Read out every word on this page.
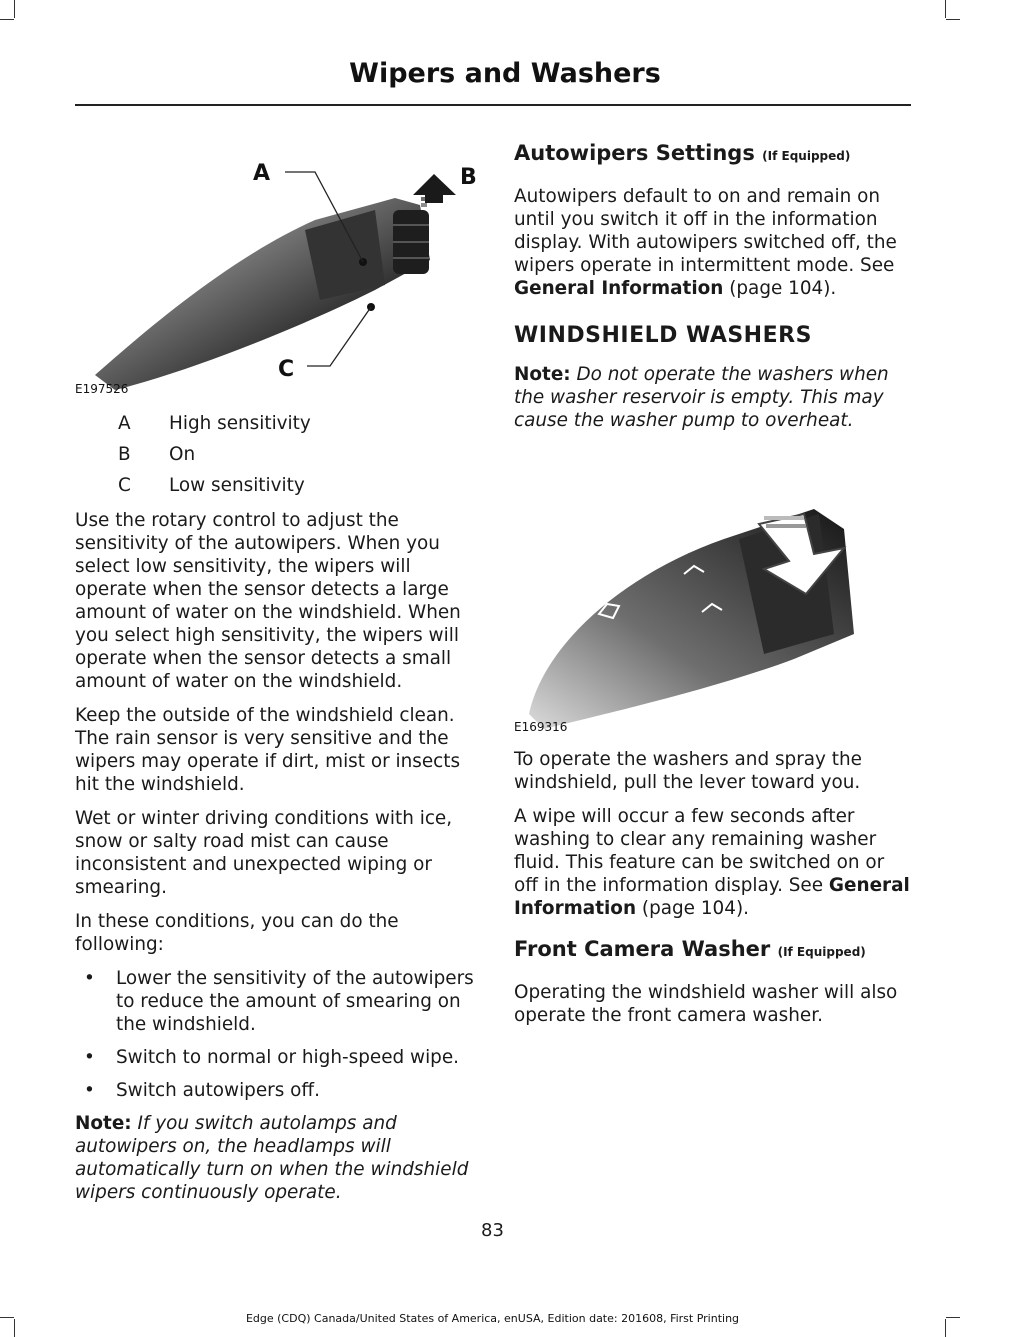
Wipers and Washers
A	B
C
E197526
A	High sensitivity
B	On
C	Low sensitivity

Use the rotary control to adjust the sensitivity of the autowipers. When you select low sensitivity, the wipers will operate when the sensor detects a large amount of water on the windshield. When you select high sensitivity, the wipers will operate when the sensor detects a small amount of water on the windshield.

Keep the outside of the windshield clean. The rain sensor is very sensitive and the wipers may operate if dirt, mist or insects hit the windshield.

Wet or winter driving conditions with ice, snow or salty road mist can cause inconsistent and unexpected wiping or smearing.

In these conditions, you can do the following:

• Lower the sensitivity of the autowipers to reduce the amount of smearing on the windshield.
• Switch to normal or high-speed wipe.
• Switch autowipers off.

Note: If you switch autolamps and autowipers on, the headlamps will automatically turn on when the windshield wipers continuously operate.

Autowipers Settings (If Equipped)

Autowipers default to on and remain on until you switch it off in the information display. With autowipers switched off, the wipers operate in intermittent mode. See General Information (page 104).

WINDSHIELD WASHERS

Note: Do not operate the washers when the washer reservoir is empty. This may cause the washer pump to overheat.

E169316

To operate the washers and spray the windshield, pull the lever toward you.

A wipe will occur a few seconds after washing to clear any remaining washer fluid. This feature can be switched on or off in the information display. See General Information (page 104).

Front Camera Washer (If Equipped)

Operating the windshield washer will also operate the front camera washer.

83
Edge (CDQ) Canada/United States of America, enUSA, Edition date: 201608, First Printing
